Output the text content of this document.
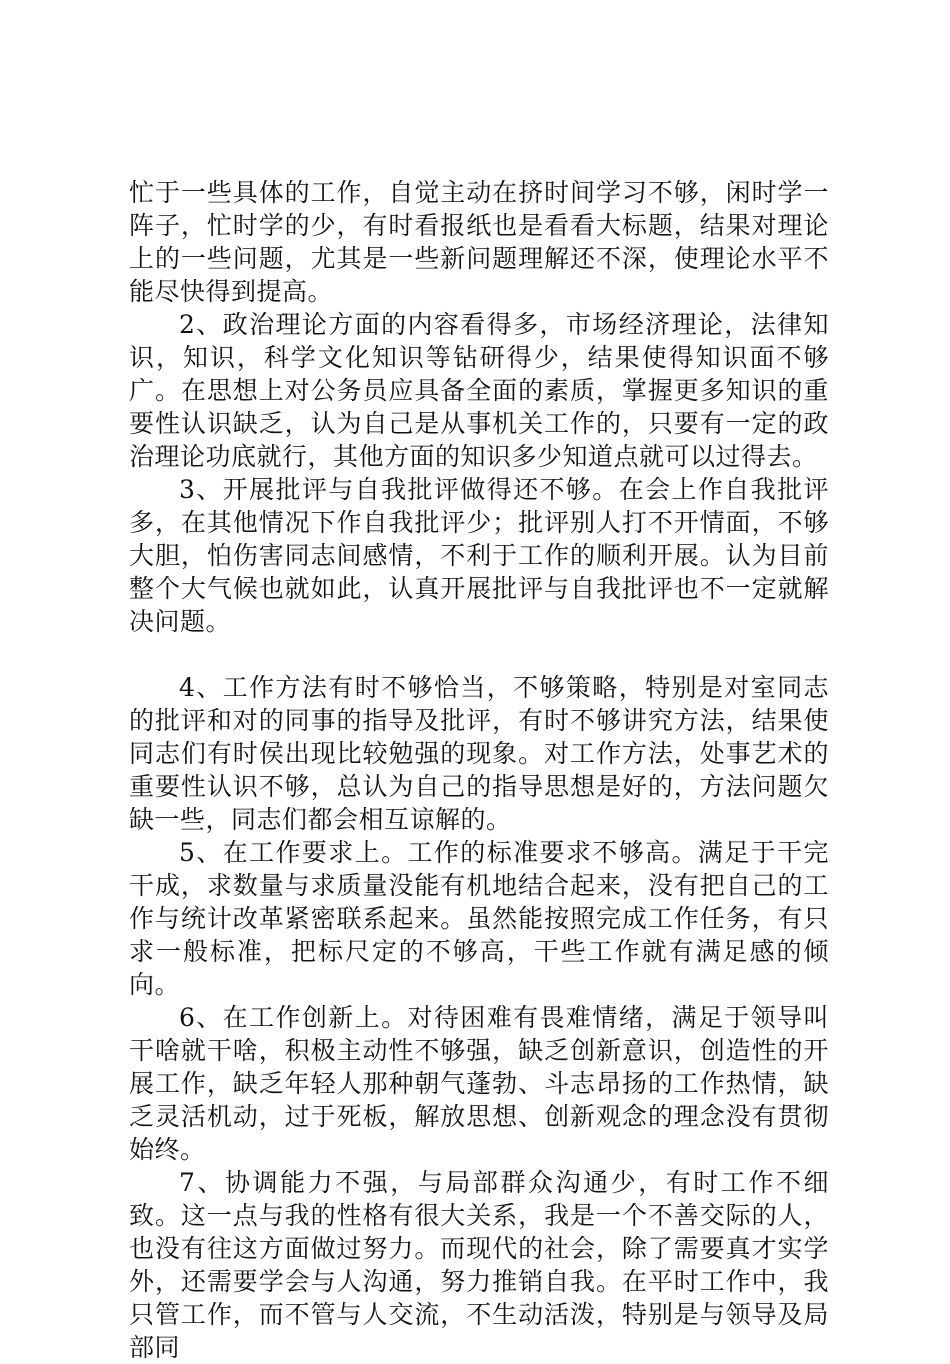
忙于一些具体的工作，自觉主动在挤时间学习不够，闲时学一阵子，忙时学的少，有时看报纸也是看看大标题，结果对理论上的一些问题，尤其是一些新问题理解还不深，使理论水平不能尽快得到提高。

2、政治理论方面的内容看得多，市场经济理论，法律知识，知识，科学文化知识等钻研得少，结果使得知识面不够广。在思想上对公务员应具备全面的素质，掌握更多知识的重要性认识缺乏，认为自己是从事机关工作的，只要有一定的政治理论功底就行，其他方面的知识多少知道点就可以过得去。

3、开展批评与自我批评做得还不够。在会上作自我批评多，在其他情况下作自我批评少；批评别人打不开情面，不够大胆，怕伤害同志间感情，不利于工作的顺利开展。认为目前整个大气候也就如此，认真开展批评与自我批评也不一定就解决问题。

4、工作方法有时不够恰当，不够策略，特别是对室同志的批评和对的同事的指导及批评，有时不够讲究方法，结果使同志们有时侯出现比较勉强的现象。对工作方法，处事艺术的重要性认识不够，总认为自己的指导思想是好的，方法问题欠缺一些，同志们都会相互谅解的。

5、在工作要求上。工作的标准要求不够高。满足于干完干成，求数量与求质量没能有机地结合起来，没有把自己的工作与统计改革紧密联系起来。虽然能按照完成工作任务，有只求一般标准，把标尺定的不够高，干些工作就有满足感的倾向。

6、在工作创新上。对待困难有畏难情绪，满足于领导叫干啥就干啥，积极主动性不够强，缺乏创新意识，创造性的开展工作，缺乏年轻人那种朝气蓬勃、斗志昂扬的工作热情，缺乏灵活机动，过于死板，解放思想、创新观念的理念没有贯彻始终。

7、协调能力不强，与局部群众沟通少，有时工作不细致。这一点与我的性格有很大关系，我是一个不善交际的人，也没有往这方面做过努力。而现代的社会，除了需要真才实学外，还需要学会与人沟通，努力推销自我。在平时工作中，我只管工作，而不管与人交流，不生动活泼，特别是与领导及局部同
